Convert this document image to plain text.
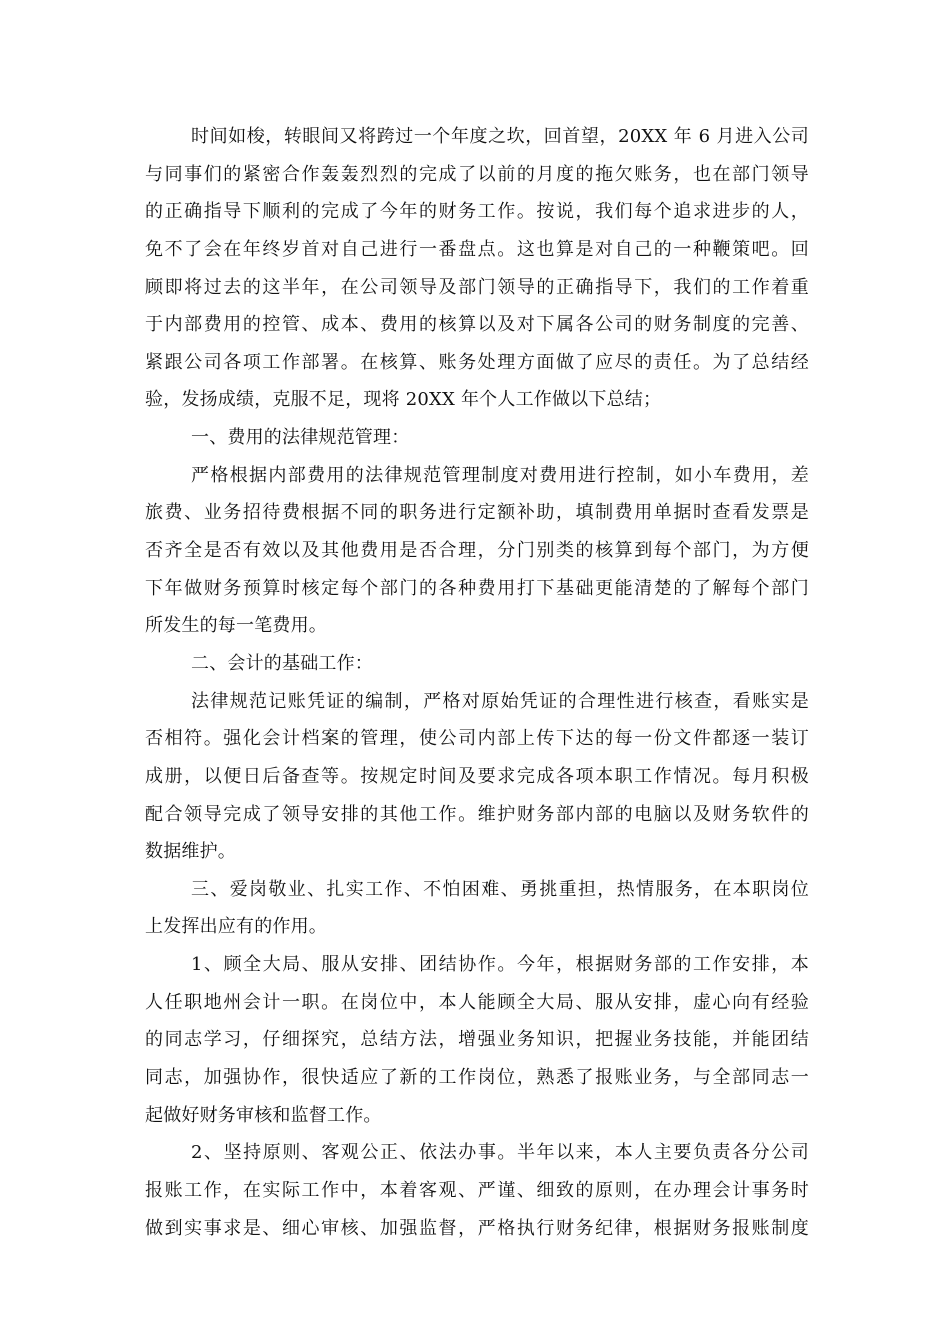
时间如梭，转眼间又将跨过一个年度之坎，回首望，20XX 年 6 月进入公司
与同事们的紧密合作轰轰烈烈的完成了以前的月度的拖欠账务，也在部门领导
的正确指导下顺利的完成了今年的财务工作。按说，我们每个追求进步的人，
免不了会在年终岁首对自己进行一番盘点。这也算是对自己的一种鞭策吧。回
顾即将过去的这半年，在公司领导及部门领导的正确指导下，我们的工作着重
于内部费用的控管、成本、费用的核算以及对下属各公司的财务制度的完善、
紧跟公司各项工作部署。在核算、账务处理方面做了应尽的责任。为了总结经
验，发扬成绩，克服不足，现将 20XX 年个人工作做以下总结；
一、费用的法律规范管理：
严格根据内部费用的法律规范管理制度对费用进行控制，如小车费用，差
旅费、业务招待费根据不同的职务进行定额补助，填制费用单据时查看发票是
否齐全是否有效以及其他费用是否合理，分门别类的核算到每个部门，为方便
下年做财务预算时核定每个部门的各种费用打下基础更能清楚的了解每个部门
所发生的每一笔费用。
二、会计的基础工作：
法律规范记账凭证的编制，严格对原始凭证的合理性进行核查，看账实是
否相符。强化会计档案的管理，使公司内部上传下达的每一份文件都逐一装订
成册，以便日后备查等。按规定时间及要求完成各项本职工作情况。每月积极
配合领导完成了领导安排的其他工作。维护财务部内部的电脑以及财务软件的
数据维护。
三、爱岗敬业、扎实工作、不怕困难、勇挑重担，热情服务，在本职岗位
上发挥出应有的作用。
1、顾全大局、服从安排、团结协作。今年，根据财务部的工作安排，本
人任职地州会计一职。在岗位中，本人能顾全大局、服从安排，虚心向有经验
的同志学习，仔细探究，总结方法，增强业务知识，把握业务技能，并能团结
同志，加强协作，很快适应了新的工作岗位，熟悉了报账业务，与全部同志一
起做好财务审核和监督工作。
2、坚持原则、客观公正、依法办事。半年以来，本人主要负责各分公司
报账工作，在实际工作中，本着客观、严谨、细致的原则，在办理会计事务时
做到实事求是、细心审核、加强监督，严格执行财务纪律，根据财务报账制度
